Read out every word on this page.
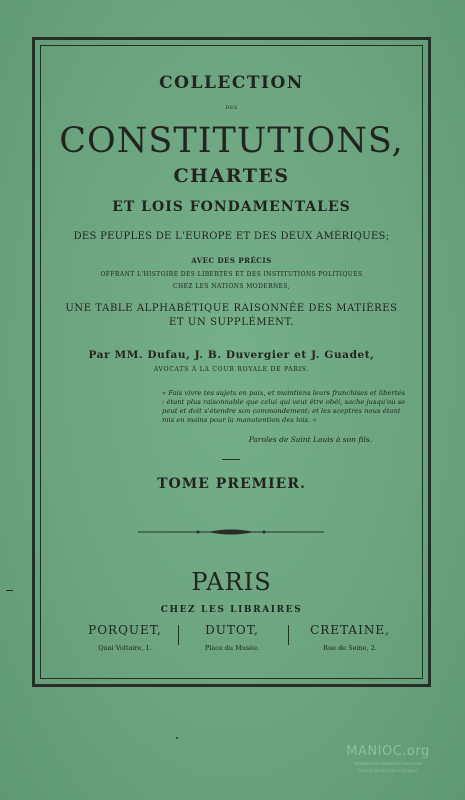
COLLECTION
DES
CONSTITUTIONS,
CHARTES
ET LOIS FONDAMENTALES
DES PEUPLES DE L'EUROPE ET DES DEUX AMÉRIQUES;
AVEC DES PRÉCIS
OFFRANT L'HISTOIRE DES LIBERTÉS ET DES INSTITUTIONS POLITIQUES
CHEZ LES NATIONS MODERNES,
UNE TABLE ALPHABÉTIQUE RAISONNÉE DES MATIÈRES
ET UN SUPPLÉMENT.
Par MM. Dufau, J. B. Duvergier et J. Guadet,
AVOCATS À LA COUR ROYALE DE PARIS.
« Fais vivre tes sujets en paix, et maintiens leurs franchises et libertés : étant plus raisonnable que celui qui veut être obéi, sache jusqu'où se peut et doit s'étendre son commandement; et les sceptres nous étant mis en mains pour la manutention des lois. »
Paroles de Saint Louis à son fils.
TOME PREMIER.
PARIS
CHEZ LES LIBRAIRES
PORQUET,
Quai Voltaire, 1.
DUTOT,
Place du Musée.
CRETAINE,
Rue de Seine, 2.
MANIOC.org
Bibliothèque Alexandre Franconie
Conseil général de la Guyane
